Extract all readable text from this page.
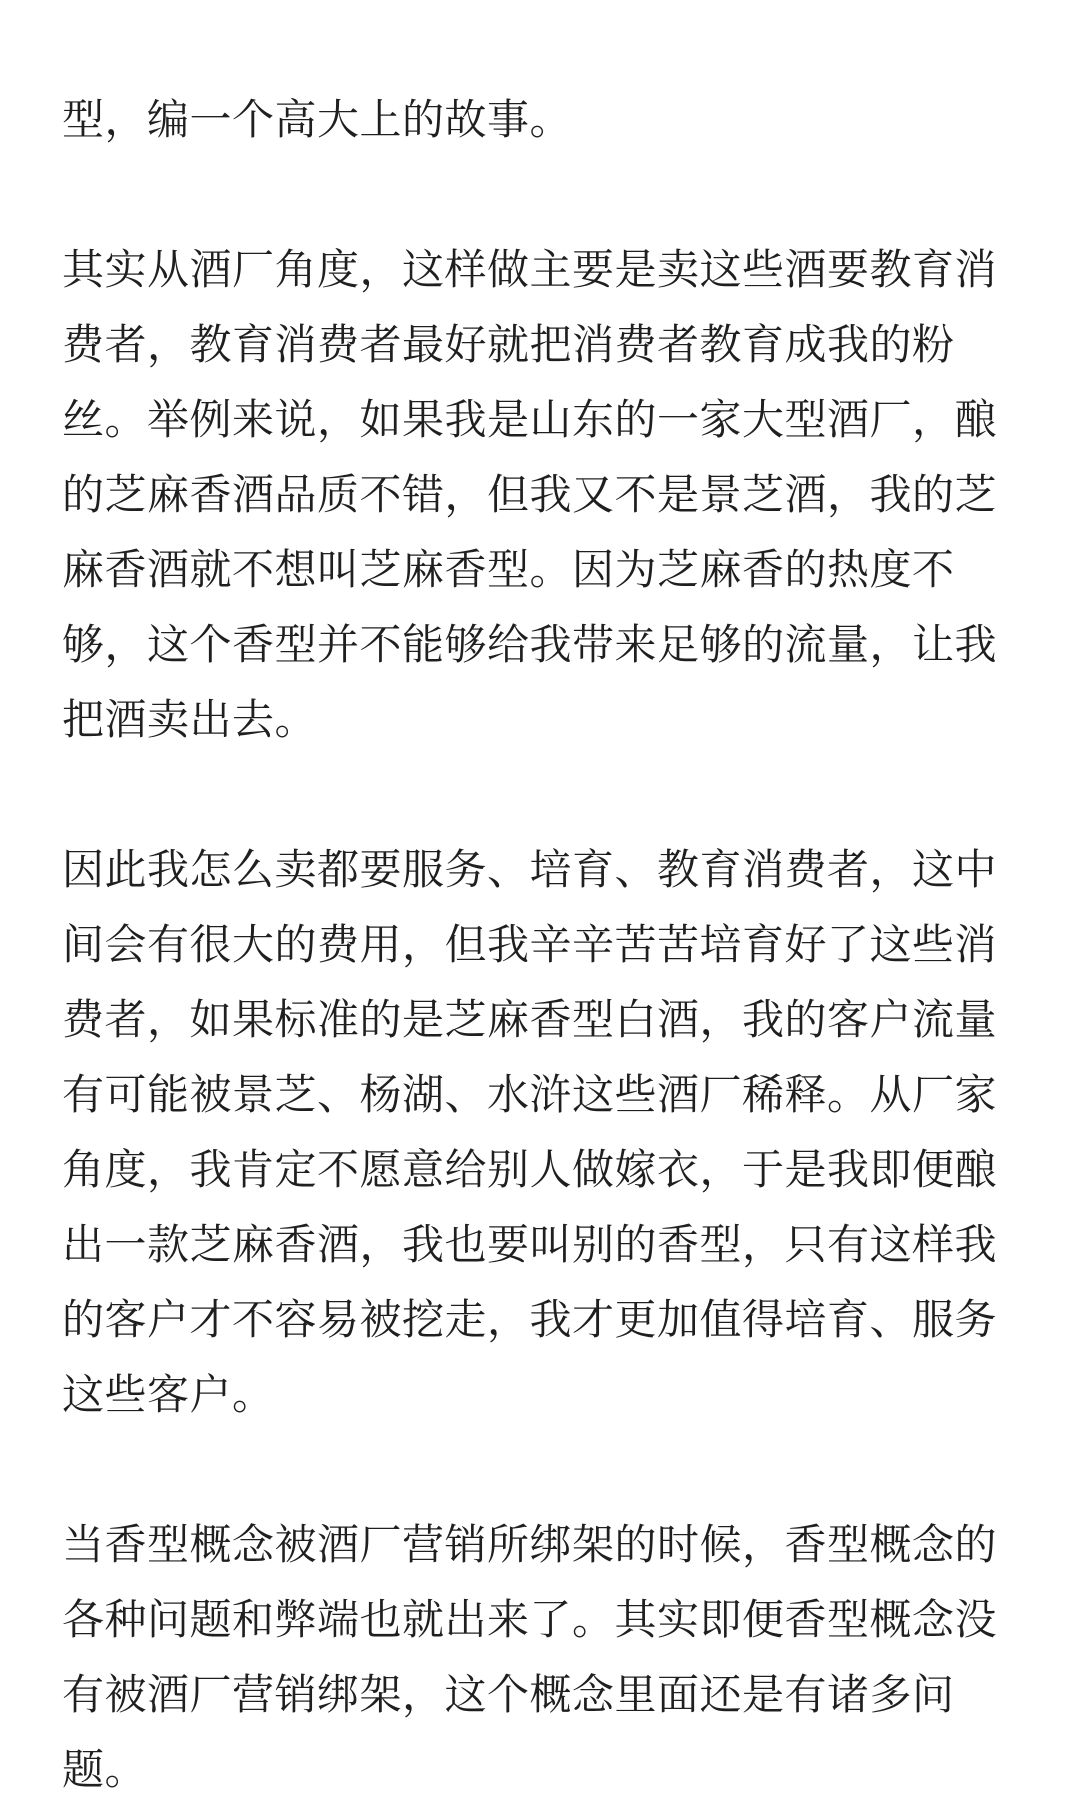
型，编一个高大上的故事。
其实从酒厂角度，这样做主要是卖这些酒要教育消
费者，教育消费者最好就把消费者教育成我的粉
丝。举例来说，如果我是山东的一家大型酒厂，酿
的芝麻香酒品质不错，但我又不是景芝酒，我的芝
麻香酒就不想叫芝麻香型。因为芝麻香的热度不
够，这个香型并不能够给我带来足够的流量，让我
把酒卖出去。
因此我怎么卖都要服务、培育、教育消费者，这中
间会有很大的费用，但我辛辛苦苦培育好了这些消
费者，如果标准的是芝麻香型白酒，我的客户流量
有可能被景芝、杨湖、水浒这些酒厂稀释。从厂家
角度，我肯定不愿意给别人做嫁衣，于是我即便酿
出一款芝麻香酒，我也要叫别的香型，只有这样我
的客户才不容易被挖走，我才更加值得培育、服务
这些客户。
当香型概念被酒厂营销所绑架的时候，香型概念的
各种问题和弊端也就出来了。其实即便香型概念没
有被酒厂营销绑架，这个概念里面还是有诸多问
题。
